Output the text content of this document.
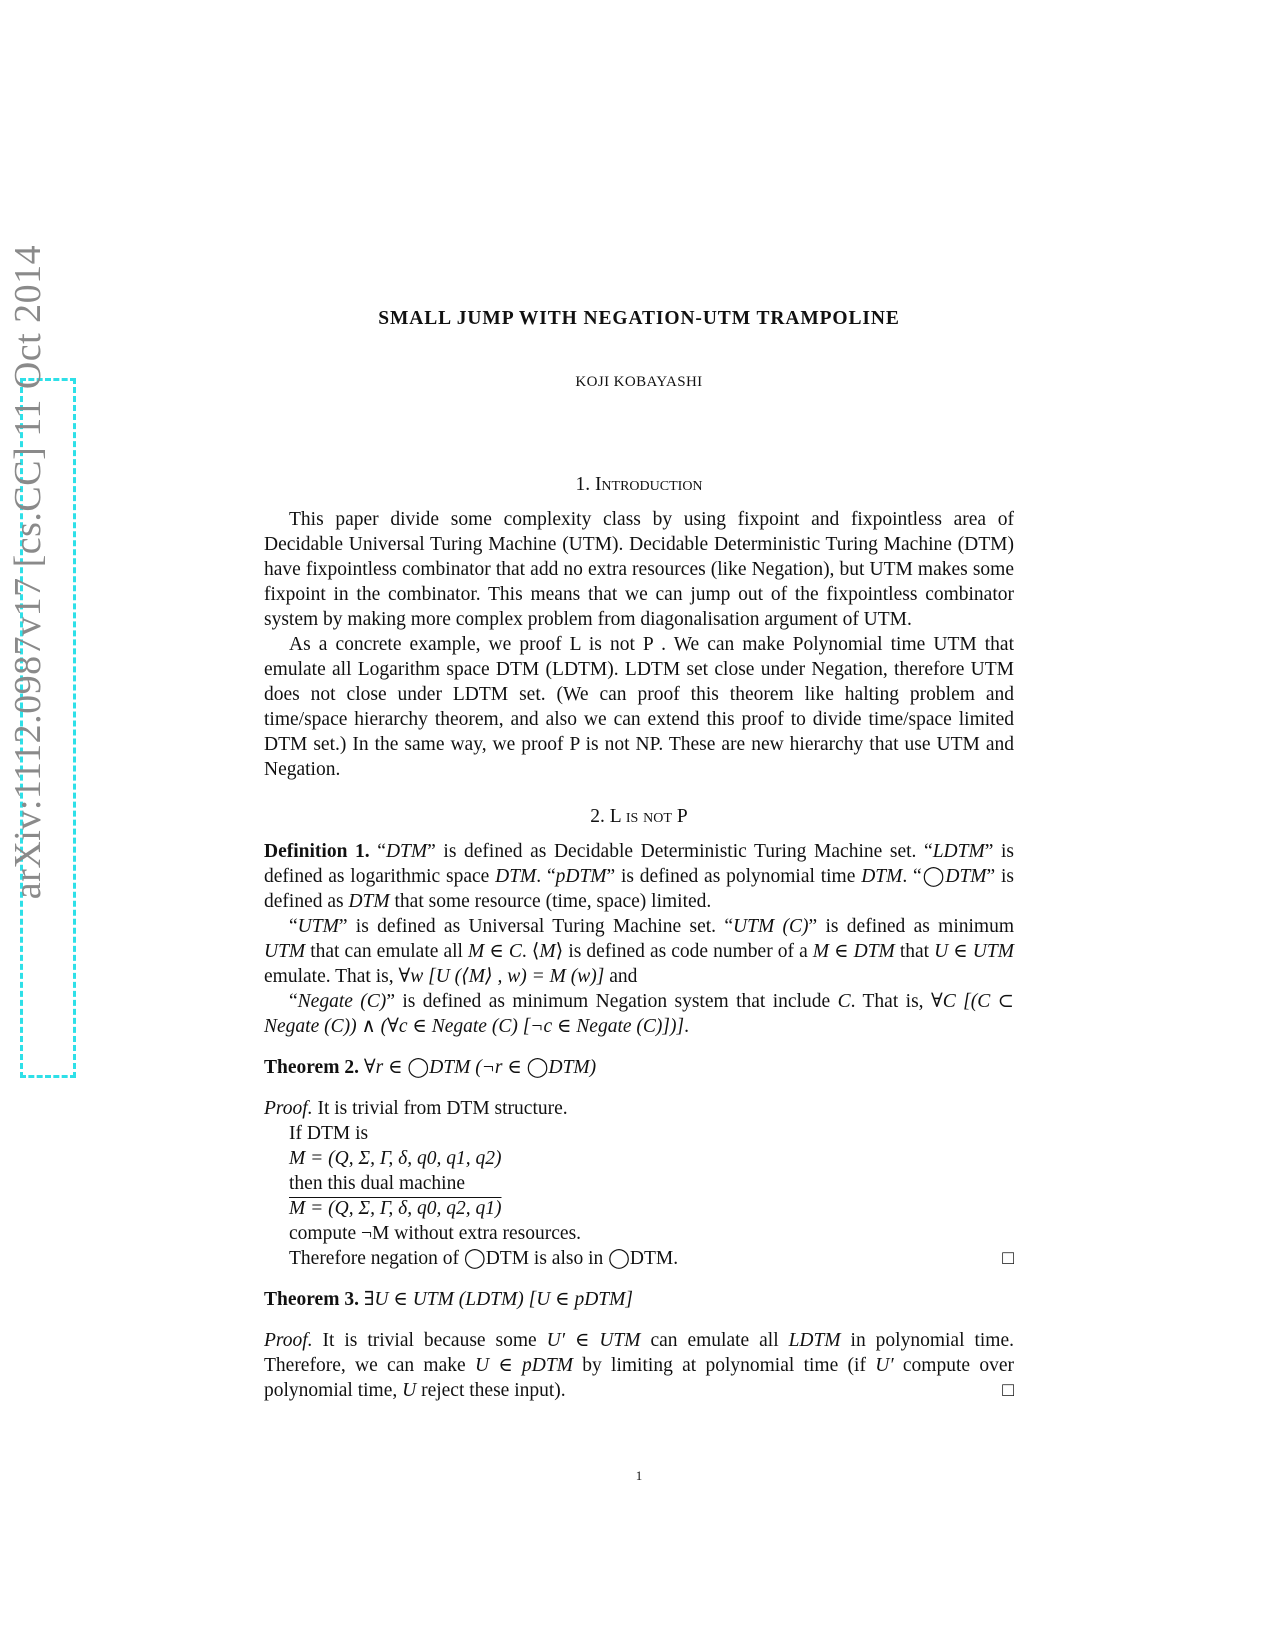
arXiv:1112.0987v17 [cs.CC] 11 Oct 2014	SMALL JUMP WITH NEGATION-UTM TRAMPOLINE
KOJI KOBAYASHI
1. Introduction

This paper divide some complexity class by using fixpoint and fixpointless area of Decidable Universal Turing Machine (UTM). Decidable Deterministic Turing Machine (DTM) have fixpointless combinator that add no extra resources (like Negation), but UTM makes some fixpoint in the combinator. This means that we can jump out of the fixpointless combinator system by making more complex problem from diagonalisation argument of UTM.

As a concrete example, we proof L is not P . We can make Polynomial time UTM that emulate all Logarithm space DTM (LDTM). LDTM set close under Negation, therefore UTM does not close under LDTM set. (We can proof this theorem like halting problem and time/space hierarchy theorem, and also we can extend this proof to divide time/space limited DTM set.) In the same way, we proof P is not NP. These are new hierarchy that use UTM and Negation.

2. L is not P

Definition 1. “DTM” is defined as Decidable Deterministic Turing Machine set. “LDTM” is defined as logarithmic space DTM. “pDTM” is defined as polynomial time DTM. “◯DTM” is defined as DTM that some resource (time, space) limited.

“UTM” is defined as Universal Turing Machine set. “UTM (C)” is defined as minimum UTM that can emulate all M ∈ C. ⟨M⟩ is defined as code number of a M ∈ DTM that U ∈ UTM emulate. That is, ∀w [U (⟨M⟩ , w) = M (w)] and

“Negate (C)” is defined as minimum Negation system that include C. That is, ∀C [(C ⊂ Negate (C)) ∧ (∀c ∈ Negate (C) [¬c ∈ Negate (C)])].

Theorem 2. ∀r ∈ ◯DTM (¬r ∈ ◯DTM)

Proof. It is trivial from DTM structure.

If DTM is

M = (Q, Σ, Γ, δ, q0, q1, q2)

then this dual machine

M = (Q, Σ, Γ, δ, q0, q2, q1)

compute ¬M without extra resources.

Therefore negation of ◯DTM is also in ◯DTM.	□

Theorem 3. ∃U ∈ UTM (LDTM) [U ∈ pDTM]

Proof. It is trivial because some U′ ∈ UTM can emulate all LDTM in polynomial time. Therefore, we can make U ∈ pDTM by limiting at polynomial time (if U′ compute over polynomial time, U reject these input).	□

1
